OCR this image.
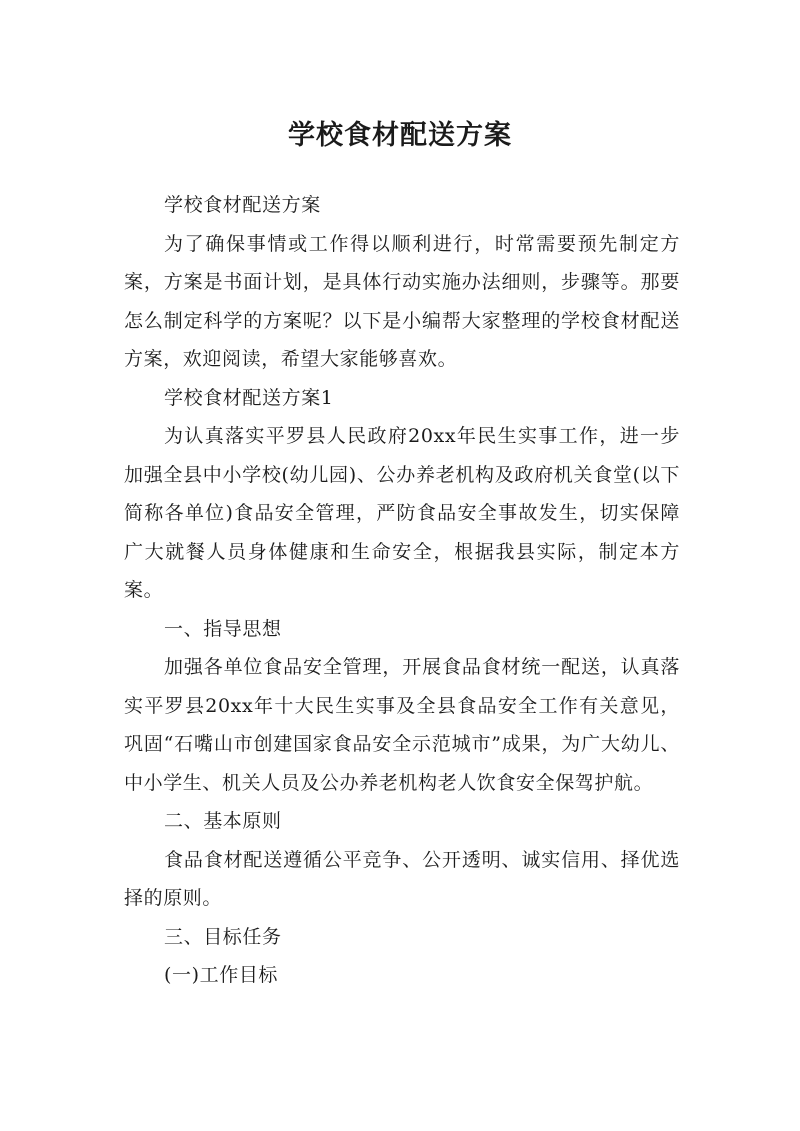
学校食材配送方案

学校食材配送方案

为了确保事情或工作得以顺利进行，时常需要预先制定方案，方案是书面计划，是具体行动实施办法细则，步骤等。那要怎么制定科学的方案呢？以下是小编帮大家整理的学校食材配送方案，欢迎阅读，希望大家能够喜欢。

学校食材配送方案1

为认真落实平罗县人民政府20xx年民生实事工作，进一步加强全县中小学校(幼儿园)、公办养老机构及政府机关食堂(以下简称各单位)食品安全管理，严防食品安全事故发生，切实保障广大就餐人员身体健康和生命安全，根据我县实际，制定本方案。

一、指导思想

加强各单位食品安全管理，开展食品食材统一配送，认真落实平罗县20xx年十大民生实事及全县食品安全工作有关意见，巩固“石嘴山市创建国家食品安全示范城市”成果，为广大幼儿、中小学生、机关人员及公办养老机构老人饮食安全保驾护航。

二、基本原则

食品食材配送遵循公平竞争、公开透明、诚实信用、择优选择的原则。

三、目标任务

(一)工作目标
